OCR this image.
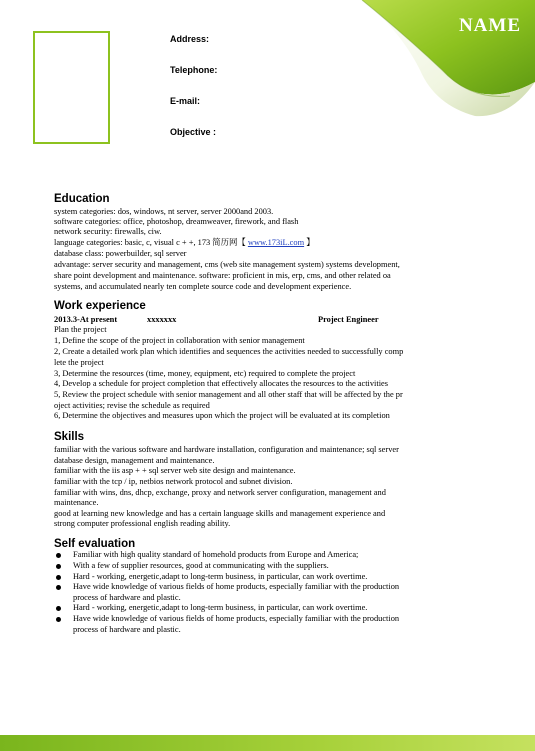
NAME
Address:
Telephone:
E-mail:
Objective :
Education
system categories: dos, windows, nt server, server 2000and 2003.
software categories: office, photoshop, dreamweaver, firework, and flash
network security: firewalls, ciw.
language categories: basic, c, visual c + +, 173 简历网【 www.173iL.com 】
database class: powerbuilder, sql server
advantage: server security and management, cms (web site management system) systems development,
share point development and maintenance. software: proficient in mis, erp, cms, and other related oa
systems, and accumulated nearly ten complete source code and development experience.
Work experience
2013.3-At present	xxxxxxx	Project Engineer
Plan the project
1, Define the scope of the project in collaboration with senior management
2, Create a detailed work plan which identifies and sequences the activities needed to successfully comp
lete the project
3, Determine the resources (time, money, equipment, etc) required to complete the project
4, Develop a schedule for project completion that effectively allocates the resources to the activities
5, Review the project schedule with senior management and all other staff that will be affected by the pr
oject activities; revise the schedule as required
6, Determine the objectives and measures upon which the project will be evaluated at its completion
Skills
familiar with the various software and hardware installation, configuration and maintenance; sql server
database design, management and maintenance.
familiar with the iis asp + + sql server web site design and maintenance.
familiar with the tcp / ip, netbios network protocol and subnet division.
familiar with wins, dns, dhcp, exchange, proxy and network server configuration, management and
maintenance.
good at learning new knowledge and has a certain language skills and management experience and
strong computer professional english reading ability.
Self evaluation
Familiar with high quality standard of homehold products from Europe and America;
With a few of supplier resources, good at communicating with the suppliers.
Hard - working, energetic,adapt to long-term business, in particular, can work overtime.
Have wide knowledge of various fields of home products, especially familiar with the production
process of hardware and plastic.
Hard - working, energetic,adapt to long-term business, in particular, can work overtime.
Have wide knowledge of various fields of home products, especially familiar with the production
process of hardware and plastic.
